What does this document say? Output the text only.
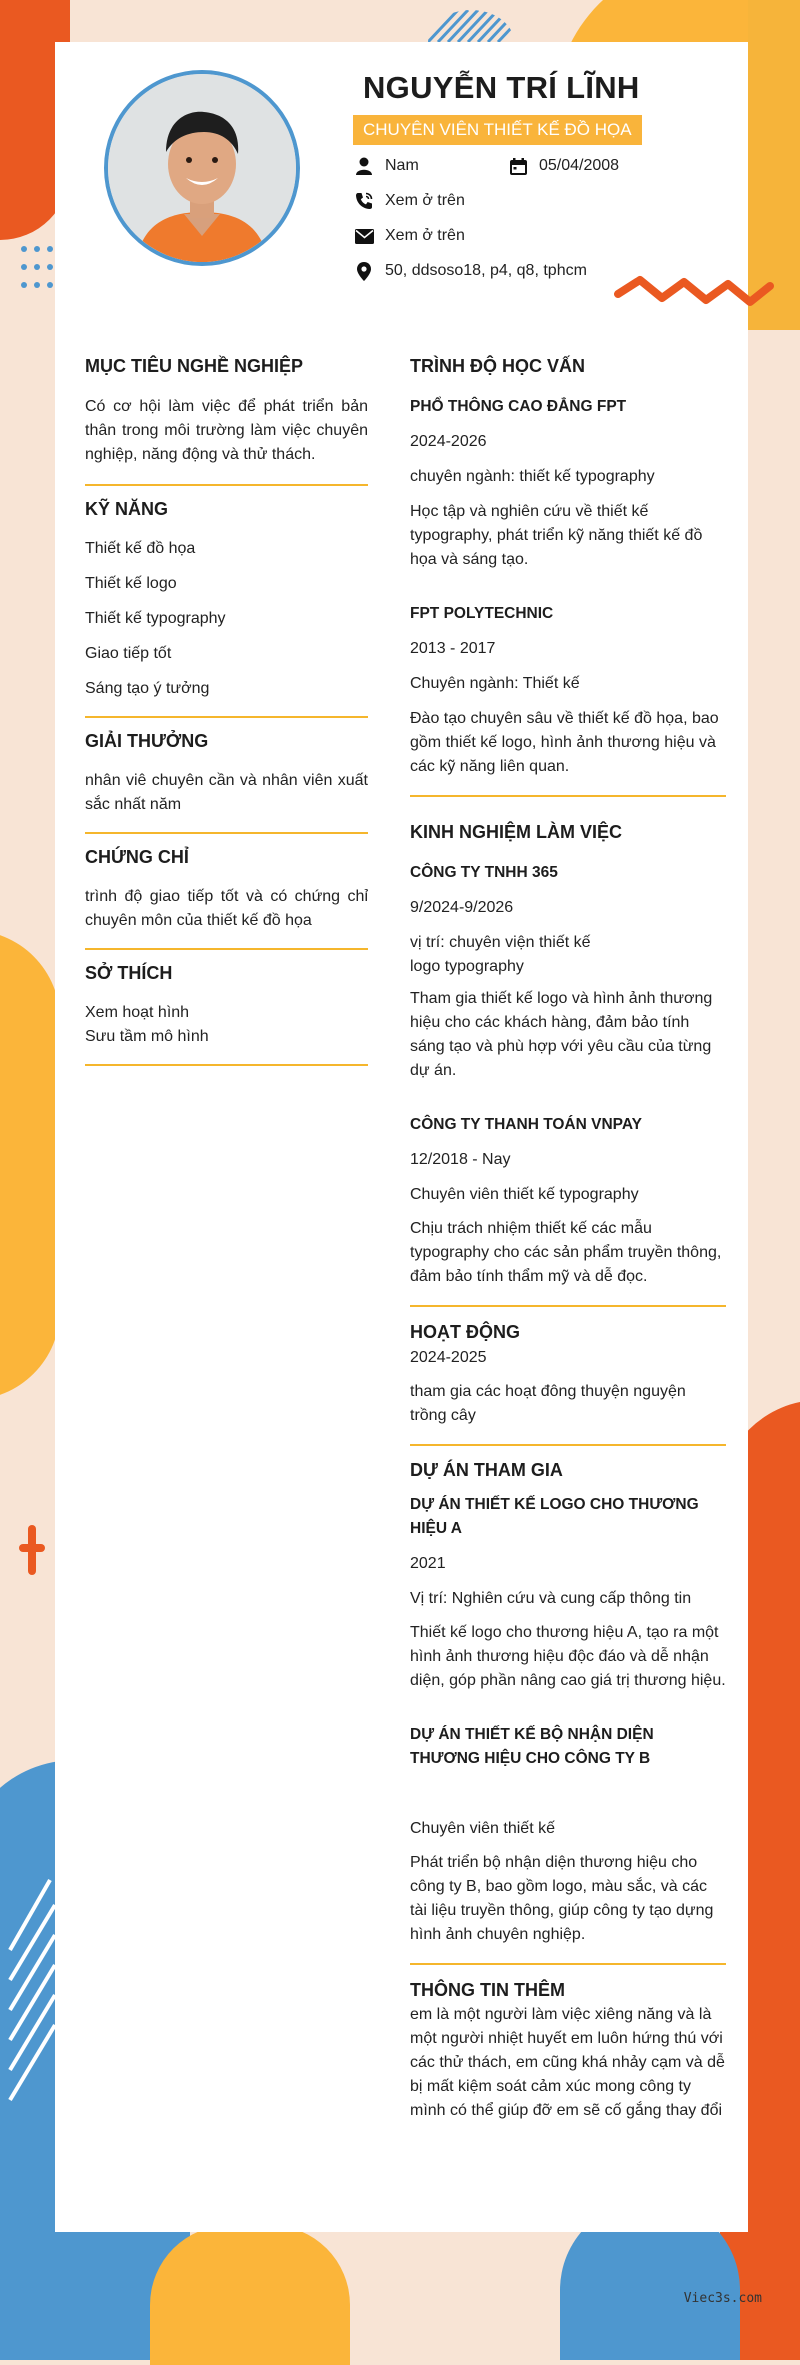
NGUYỄN TRÍ LĨNH
CHUYÊN VIÊN THIẾT KẾ ĐỒ HỌA
Nam	05/04/2008
Xem ở trên
Xem ở trên
50, ddsoso18, p4, q8, tphcm
MỤC TIÊU NGHỀ NGHIỆP

Có cơ hội làm việc để phát triển bản thân trong môi trường làm việc chuyên nghiệp, năng động và thử thách.

KỸ NĂNG

Thiết kế đồ họa

Thiết kế logo

Thiết kế typography

Giao tiếp tốt

Sáng tạo ý tưởng

GIẢI THƯỞNG

nhân viê chuyên cần và nhân viên xuất sắc nhất năm

CHỨNG CHỈ

trình độ giao tiếp tốt và có chứng chỉ chuyên môn của thiết kế đồ họa

SỞ THÍCH

Xem hoạt hình

Sưu tầm mô hình

TRÌNH ĐỘ HỌC VẤN
PHỔ THÔNG CAO ĐẲNG FPT

2024-2026

chuyên ngành: thiết kế typography

Học tập và nghiên cứu về thiết kế typography, phát triển kỹ năng thiết kế đồ họa và sáng tạo.

FPT POLYTECHNIC

2013 - 2017

Chuyên ngành: Thiết kế

Đào tạo chuyên sâu về thiết kế đồ họa, bao gồm thiết kế logo, hình ảnh thương hiệu và các kỹ năng liên quan.

KINH NGHIỆM LÀM VIỆC
CÔNG TY TNHH 365

9/2024-9/2026

vị trí: chuyên viện thiết kế

logo typography

Tham gia thiết kế logo và hình ảnh thương hiệu cho các khách hàng, đảm bảo tính sáng tạo và phù hợp với yêu cầu của từng dự án.

CÔNG TY THANH TOÁN VNPAY

12/2018 - Nay

Chuyên viên thiết kế typography

Chịu trách nhiệm thiết kế các mẫu typography cho các sản phẩm truyền thông, đảm bảo tính thẩm mỹ và dễ đọc.

HOẠT ĐỘNG

2024-2025

tham gia các hoạt đông thuyện nguyện trồng cây

DỰ ÁN THAM GIA
DỰ ÁN THIẾT KẾ LOGO CHO THƯƠNG HIỆU A

2021

Vị trí: Nghiên cứu và cung cấp thông tin

Thiết kế logo cho thương hiệu A, tạo ra một hình ảnh thương hiệu độc đáo và dễ nhận diện, góp phần nâng cao giá trị thương hiệu.

DỰ ÁN THIẾT KẾ BỘ NHẬN DIỆN THƯƠNG HIỆU CHO CÔNG TY B

Chuyên viên thiết kế

Phát triển bộ nhận diện thương hiệu cho công ty B, bao gồm logo, màu sắc, và các tài liệu truyền thông, giúp công ty tạo dựng hình ảnh chuyên nghiệp.

THÔNG TIN THÊM

em là một người làm việc xiêng năng và là một người nhiệt huyết em luôn hứng thú với các thử thách, em cũng khá nhảy cạm và dễ bị mất kiệm soát cảm xúc mong công ty mình có thể giúp đỡ em sẽ cố gắng thay đổi

Viec3s.com
